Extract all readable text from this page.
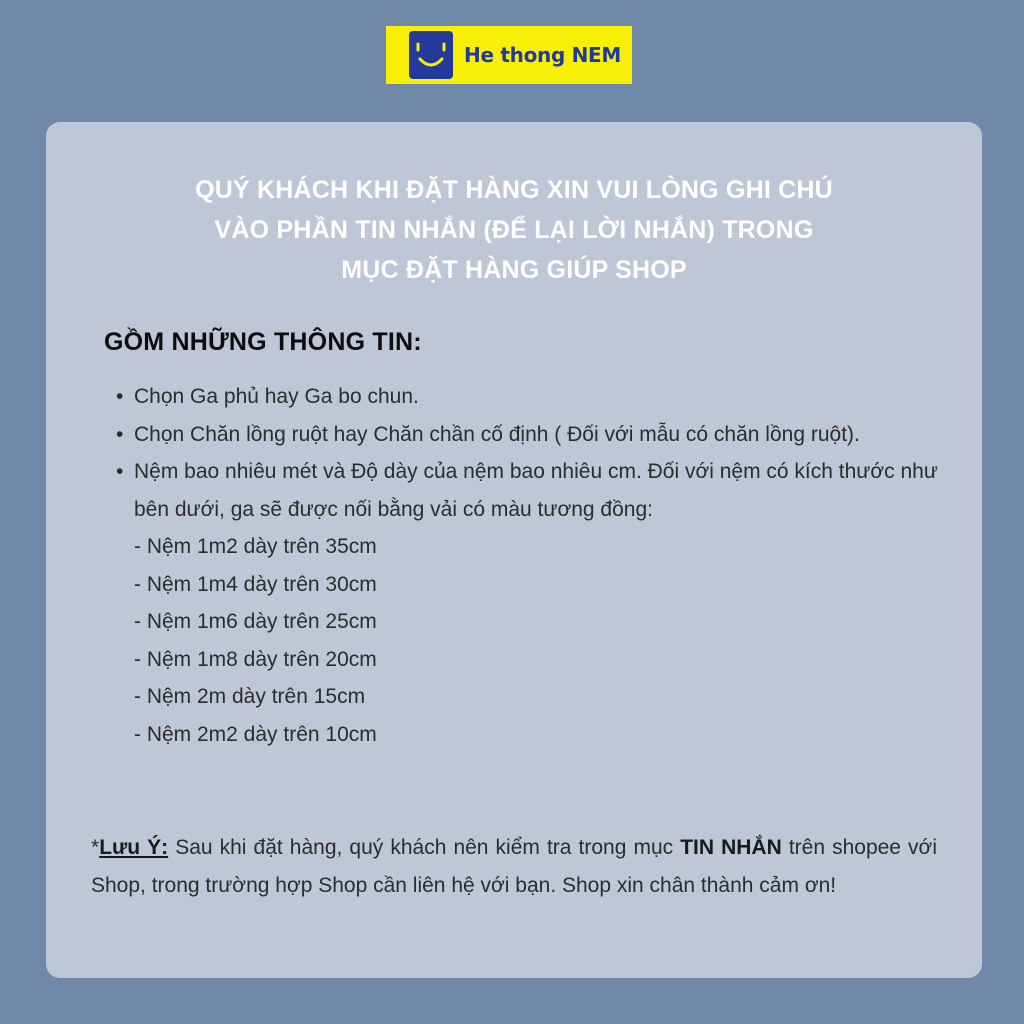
He thong NEM
QUÝ KHÁCH KHI ĐẶT HÀNG XIN VUI LÒNG GHI CHÚ
VÀO PHẦN TIN NHẮN (ĐỂ LẠI LỜI NHẮN) TRONG
MỤC ĐẶT HÀNG GIÚP SHOP
GỒM NHỮNG THÔNG TIN:
• Chọn Ga phủ hay Ga bo chun.
• Chọn Chăn lồng ruột hay Chăn chần cố định ( Đối với mẫu có chăn lồng ruột).
• Nệm bao nhiêu mét và Độ dày của nệm bao nhiêu cm. Đối với nệm có kích thước như bên dưới, ga sẽ được nối bằng vải có màu tương đồng:
- Nệm 1m2 dày trên 35cm
- Nệm 1m4 dày trên 30cm
- Nệm 1m6 dày trên 25cm
- Nệm 1m8 dày trên 20cm
- Nệm 2m dày trên 15cm
- Nệm 2m2 dày trên 10cm
*Lưu Ý: Sau khi đặt hàng, quý khách nên kiểm tra trong mục TIN NHẮN trên shopee với Shop, trong trường hợp Shop cần liên hệ với bạn. Shop xin chân thành cảm ơn!
